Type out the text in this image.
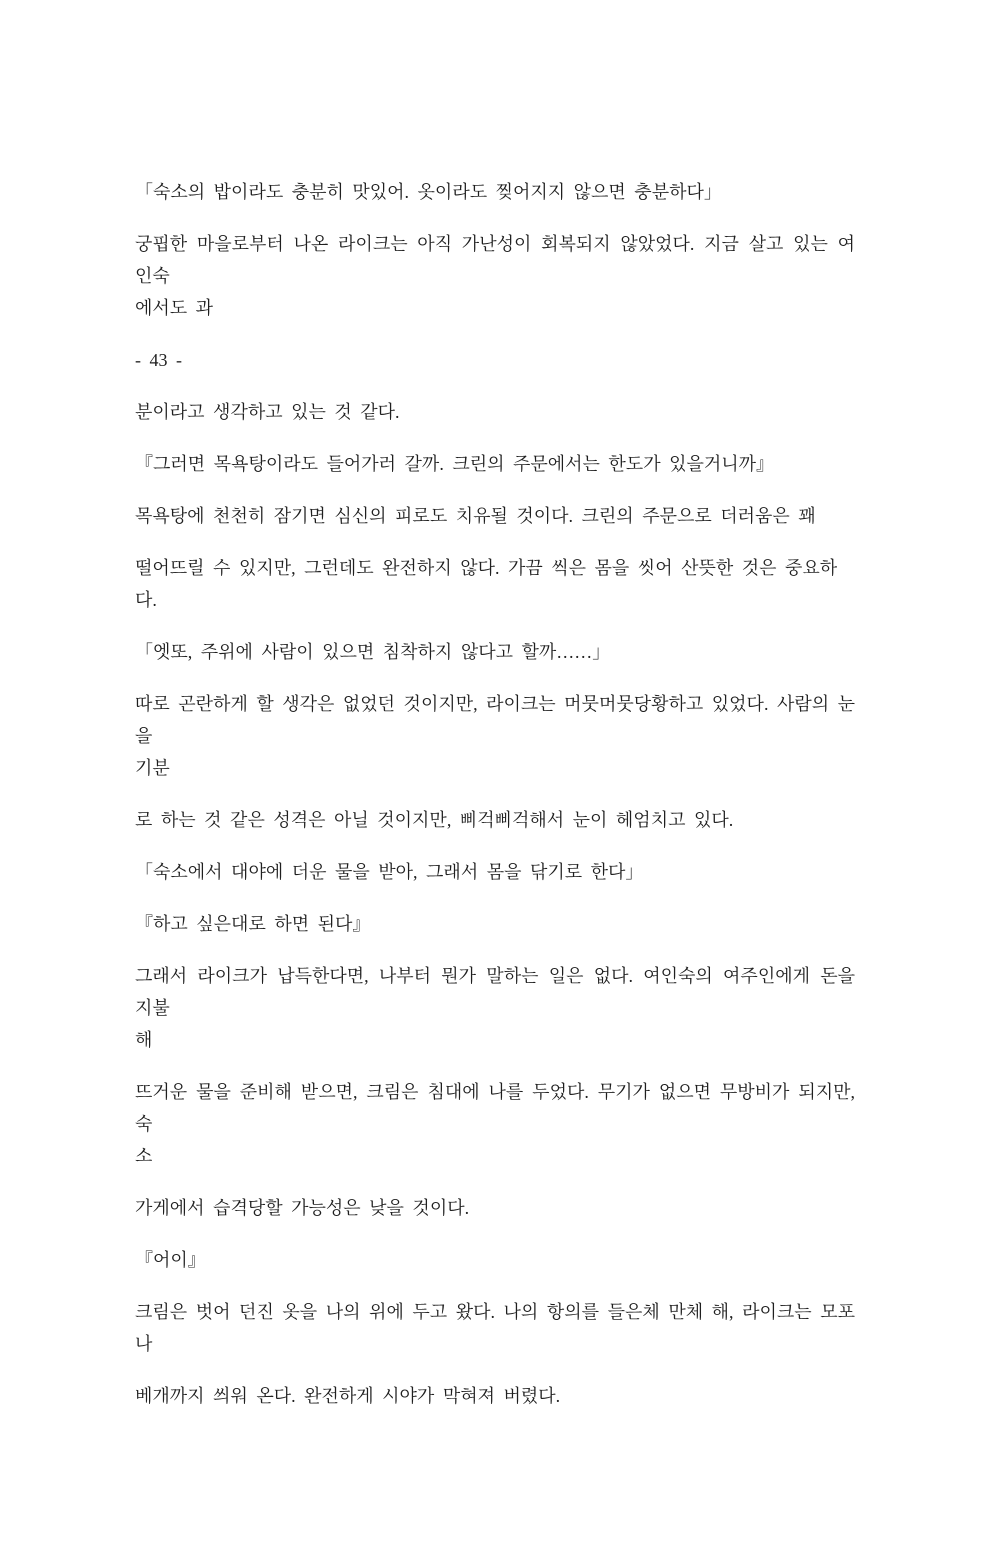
「숙소의 밥이라도 충분히 맛있어. 옷이라도 찢어지지 않으면 충분하다」

궁핍한 마을로부터 나온 라이크는 아직 가난성이 회복되지 않았었다. 지금 살고 있는 여인숙
에서도 과

- 43 -

분이라고 생각하고 있는 것 같다.

『그러면 목욕탕이라도 들어가러 갈까. 크린의 주문에서는 한도가 있을거니까』

목욕탕에 천천히 잠기면 심신의 피로도 치유될 것이다. 크린의 주문으로 더러움은 꽤

떨어뜨릴 수 있지만, 그런데도 완전하지 않다. 가끔 씩은 몸을 씻어 산뜻한 것은 중요하다.

「엣또, 주위에 사람이 있으면 침착하지 않다고 할까……」

따로 곤란하게 할 생각은 없었던 것이지만, 라이크는 머뭇머뭇당황하고 있었다. 사람의 눈을
기분

로 하는 것 같은 성격은 아닐 것이지만, 삐걱삐걱해서 눈이 헤엄치고 있다.

「숙소에서 대야에 더운 물을 받아, 그래서 몸을 닦기로 한다」

『하고 싶은대로 하면 된다』

그래서 라이크가 납득한다면, 나부터 뭔가 말하는 일은 없다. 여인숙의 여주인에게 돈을 지불
해

뜨거운 물을 준비해 받으면, 크림은 침대에 나를 두었다. 무기가 없으면 무방비가 되지만, 숙
소

가게에서 습격당할 가능성은 낮을 것이다.

『어이』

크림은 벗어 던진 옷을 나의 위에 두고 왔다. 나의 항의를 들은체 만체 해, 라이크는 모포나

베개까지 씌워 온다. 완전하게 시야가 막혀져 버렸다.
